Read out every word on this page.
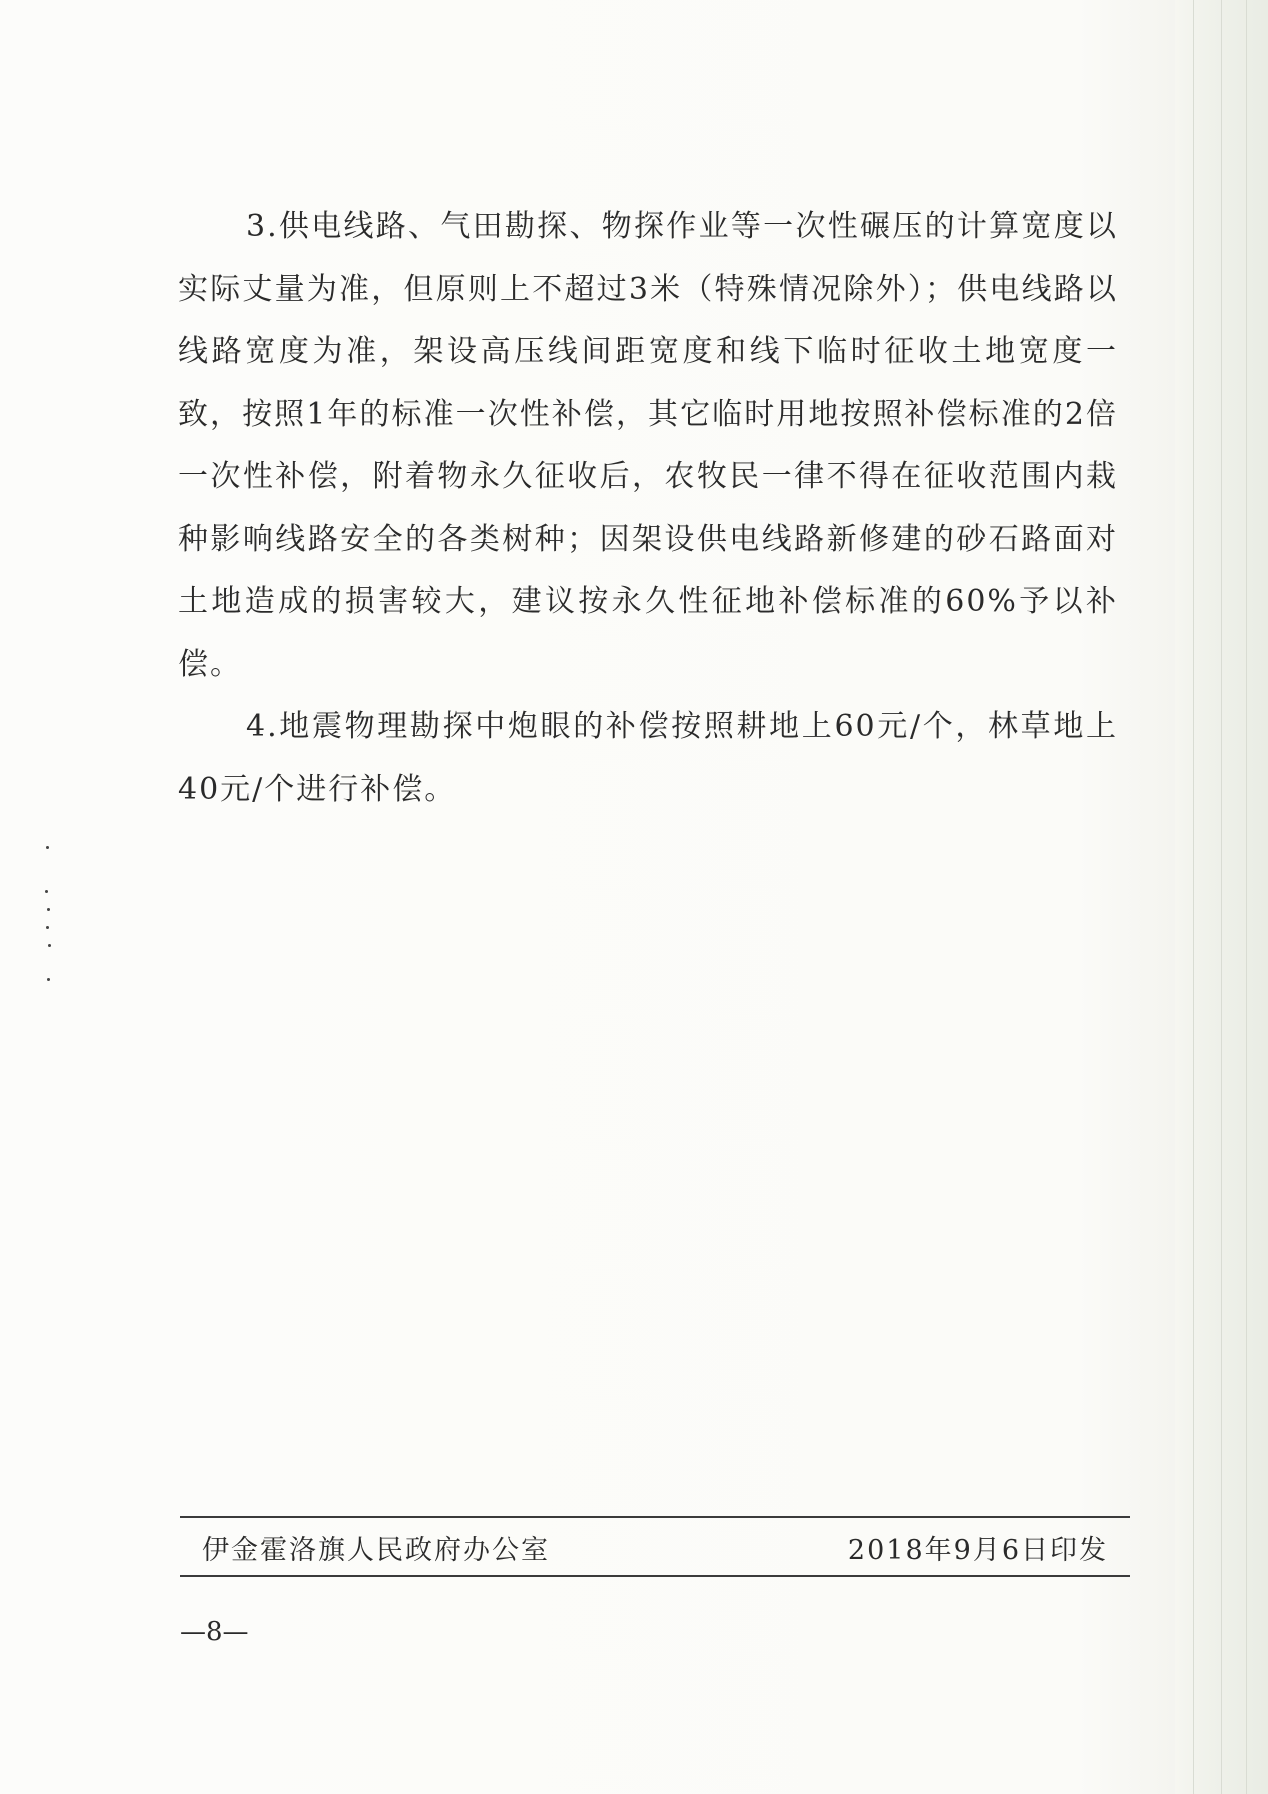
3.供电线路、气田勘探、物探作业等一次性碾压的计算宽度以实际丈量为准，但原则上不超过3米（特殊情况除外）；供电线路以线路宽度为准，架设高压线间距宽度和线下临时征收土地宽度一致，按照1年的标准一次性补偿，其它临时用地按照补偿标准的2倍一次性补偿，附着物永久征收后，农牧民一律不得在征收范围内栽种影响线路安全的各类树种；因架设供电线路新修建的砂石路面对土地造成的损害较大，建议按永久性征地补偿标准的60%予以补偿。

4.地震物理勘探中炮眼的补偿按照耕地上60元/个，林草地上40元/个进行补偿。

伊金霍洛旗人民政府办公室	2018年9月6日印发
—8—
